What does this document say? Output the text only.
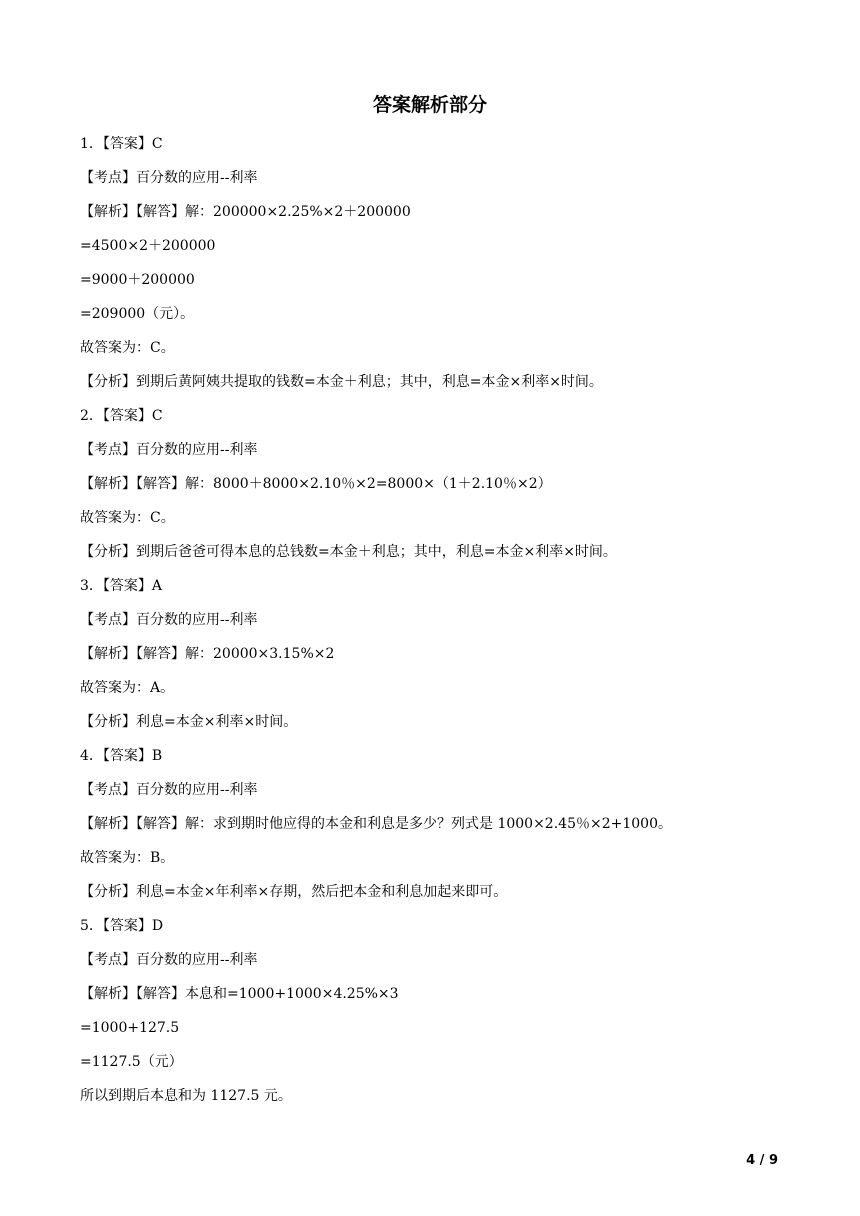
答案解析部分
1．【答案】C
【考点】百分数的应用--利率
【解析】【解答】解：200000×2.25%×2＋200000
=4500×2＋200000
=9000＋200000
=209000（元）。
故答案为：C。
【分析】到期后黄阿姨共提取的钱数=本金＋利息；其中，利息=本金×利率×时间。
2．【答案】C
【考点】百分数的应用--利率
【解析】【解答】解：8000＋8000×2.10％×2=8000×（1＋2.10％×2）
故答案为：C。
【分析】到期后爸爸可得本息的总钱数=本金＋利息；其中，利息=本金×利率×时间。
3．【答案】A
【考点】百分数的应用--利率
【解析】【解答】解：20000×3.15%×2
故答案为：A。
【分析】利息=本金×利率×时间。
4．【答案】B
【考点】百分数的应用--利率
【解析】【解答】解：求到期时他应得的本金和利息是多少？列式是 1000×2.45％×2+1000。
故答案为：B。
【分析】利息=本金×年利率×存期，然后把本金和利息加起来即可。
5．【答案】D
【考点】百分数的应用--利率
【解析】【解答】本息和=1000+1000×4.25%×3
=1000+127.5
=1127.5（元）
所以到期后本息和为 1127.5 元。
4 / 9
